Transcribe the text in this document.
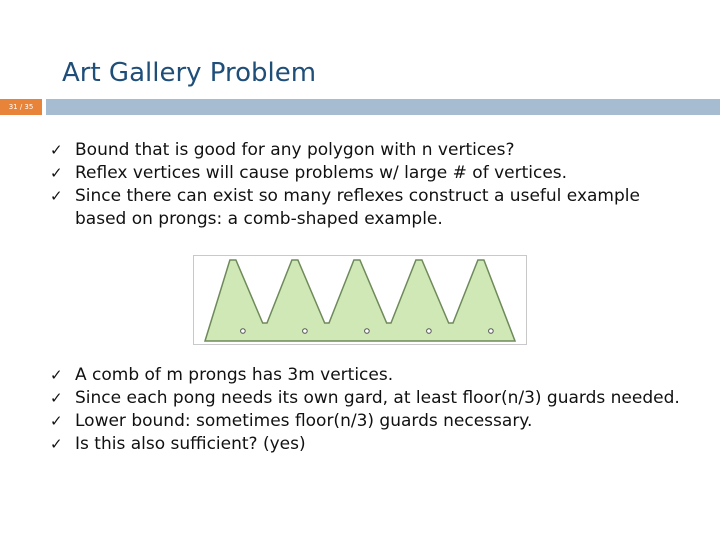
Art Gallery Problem
31 / 35
✓ Bound that is good for any polygon with n vertices?
✓ Reflex vertices will cause problems w/ large # of vertices.
✓ Since there can exist so many reflexes construct a useful example based on prongs: a comb-shaped example.
✓ A comb of m prongs has 3m vertices.
✓ Since each pong needs its own gard, at least floor(n/3) guards needed.
✓ Lower bound: sometimes floor(n/3) guards necessary.
✓ Is this also sufficient? (yes)
